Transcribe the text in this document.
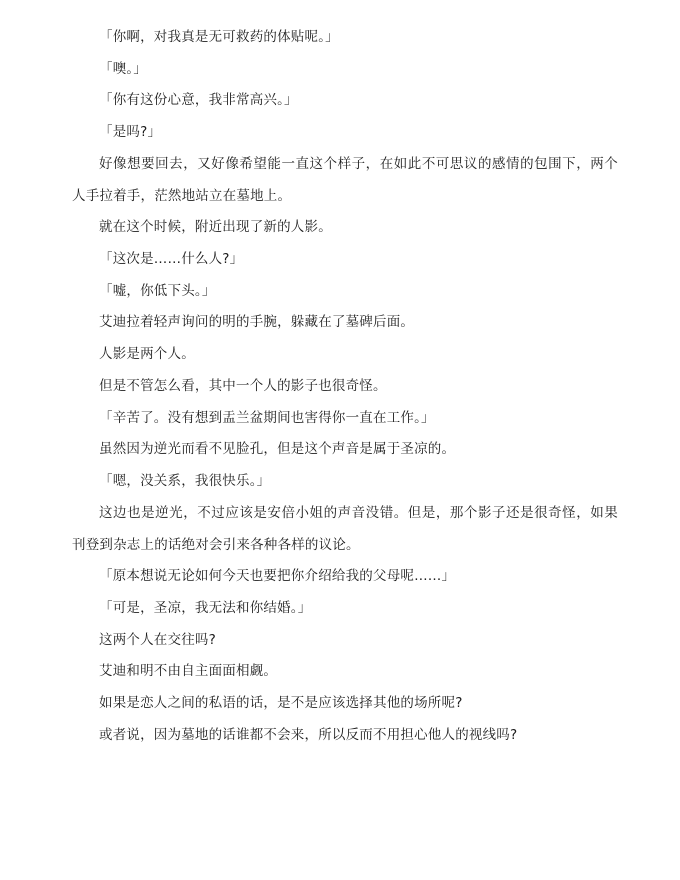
「你啊，对我真是无可救药的体贴呢。」

「噢。」

「你有这份心意，我非常高兴。」

「是吗?」

好像想要回去，又好像希望能一直这个样子，在如此不可思议的感情的包围下，两个人手拉着手，茫然地站立在墓地上。

就在这个时候，附近出现了新的人影。

「这次是……什么人?」

「嘘，你低下头。」

艾迪拉着轻声询问的明的手腕，躲藏在了墓碑后面。

人影是两个人。

但是不管怎么看，其中一个人的影子也很奇怪。

「辛苦了。没有想到盂兰盆期间也害得你一直在工作。」

虽然因为逆光而看不见脸孔，但是这个声音是属于圣凉的。

「嗯，没关系，我很快乐。」

这边也是逆光，不过应该是安倍小姐的声音没错。但是，那个影子还是很奇怪，如果刊登到杂志上的话绝对会引来各种各样的议论。

「原本想说无论如何今天也要把你介绍给我的父母呢……」

「可是，圣凉，我无法和你结婚。」

这两个人在交往吗?

艾迪和明不由自主面面相觑。

如果是恋人之间的私语的话，是不是应该选择其他的场所呢?

或者说，因为墓地的话谁都不会来，所以反而不用担心他人的视线吗?
